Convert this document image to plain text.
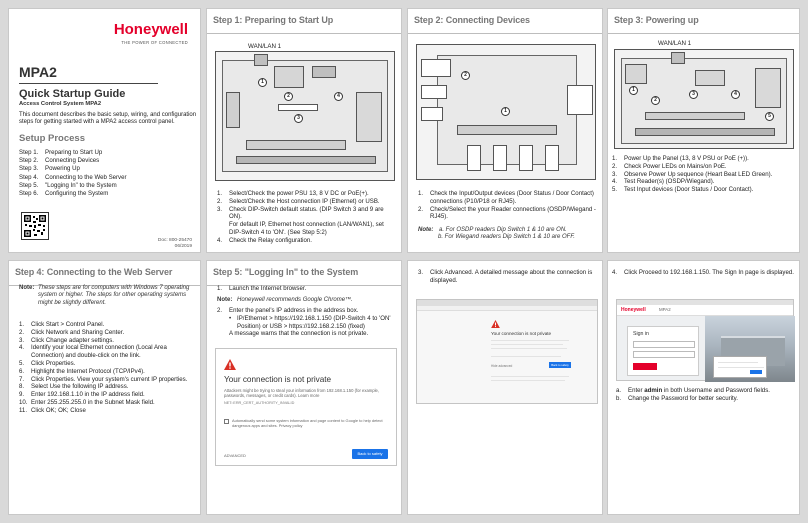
Honeywell
THE POWER OF CONNECTED
MPA2
Quick Startup Guide
Access Control System MPA2
This document describes the basic setup, wiring, and configuration steps for getting started with a MPA2 access control panel.
Setup Process
Step 1. Preparing to Start Up
Step 2. Connecting Devices
Step 3. Powering Up
Step 4. Connecting to the Web Server
Step 5. "Logging In" to the System
Step 6. Configuring the System
Doc: 800-25470
06/2019
Step 1: Preparing to Start Up
WAN/LAN 1
1
2
3
4
1. Select/Check the power PSU 13, 8 V DC or PoE(+).
2. Select/Check the Host connection IP (Ethernet) or USB.
3. Check DIP-Switch default status. (DIP Switch 3 and 9 are ON).
For default IP, Ethernet host connection (LAN/WAN1), set DIP-Switch 4 to 'ON'. (See Step 5:2)
4. Check the Relay configuration.
Step 2: Connecting Devices
1
2
1. Check the Input/Output devices (Door Status / Door Contact) connections (P10/P18 or RJ45).
2. Check/Select the your Reader connections (OSDP/Wiegand - RJ45).
Note: a. For OSDP readers Dip Switch 1 & 10 are ON.
b. For Wiegand readers Dip Switch 1 & 10 are OFF.
Step 3: Powering up
WAN/LAN 1
1
2
3	4
5
1. Power Up the Panel (13, 8 V PSU or PoE (+)).
2. Check Power LEDs on Mains/on PoE.
3. Observe Power Up sequence (Heart Beat LED Green).
4. Test Reader(s) (OSDP/Wiegand).
5. Test Input devices (Door Status / Door Contact).
Step 4: Connecting to the Web Server
Note: These steps are for computers with Windows 7 operating system or higher. The steps for other operating systems might be slightly different.
1. Click Start > Control Panel.
2. Click Network and Sharing Center.
3. Click Change adapter settings.
4. Identify your local Ethernet connection (Local Area Connection) and double-click on the link.
5. Click Properties.
6. Highlight the Internet Protocol (TCP/IPv4).
7. Click Properties. View your system's current IP properties.
8. Select Use the following IP address.
9. Enter 192.168.1.10 in the IP address field.
10. Enter 255.255.255.0 in the Subnet Mask field.
11. Click OK; OK; Close
Step 5: "Logging In" to the System
1. Launch the Internet browser.
Note: Honeywell recommends Google Chrome™.
2. Enter the panel's IP address in the address box.
• IP/Ethernet > https://192.168.1.150 (DIP-Switch 4 to 'ON' Position) or USB > https://192.168.2.150 (fixed)
A message warns that the connection is not private.
Your connection is not private
Attackers might be trying to steal your information from 192.168.1.150 (for example, passwords, messages, or credit cards). Learn more
NET::ERR_CERT_AUTHORITY_INVALID
Automatically send some system information and page content to Google to help detect dangerous apps and sites. Privacy policy
ADVANCED	Back to safety
3. Click Advanced. A detailed message about the connection is displayed.
Your connection is not private
Hide advanced	Back to safety
4. Click Proceed to 192.168.1.150. The Sign In page is displayed.
Honeywell	MPA2
Sign in
a. Enter admin in both Username and Password fields.
b. Change the Password for better security.
